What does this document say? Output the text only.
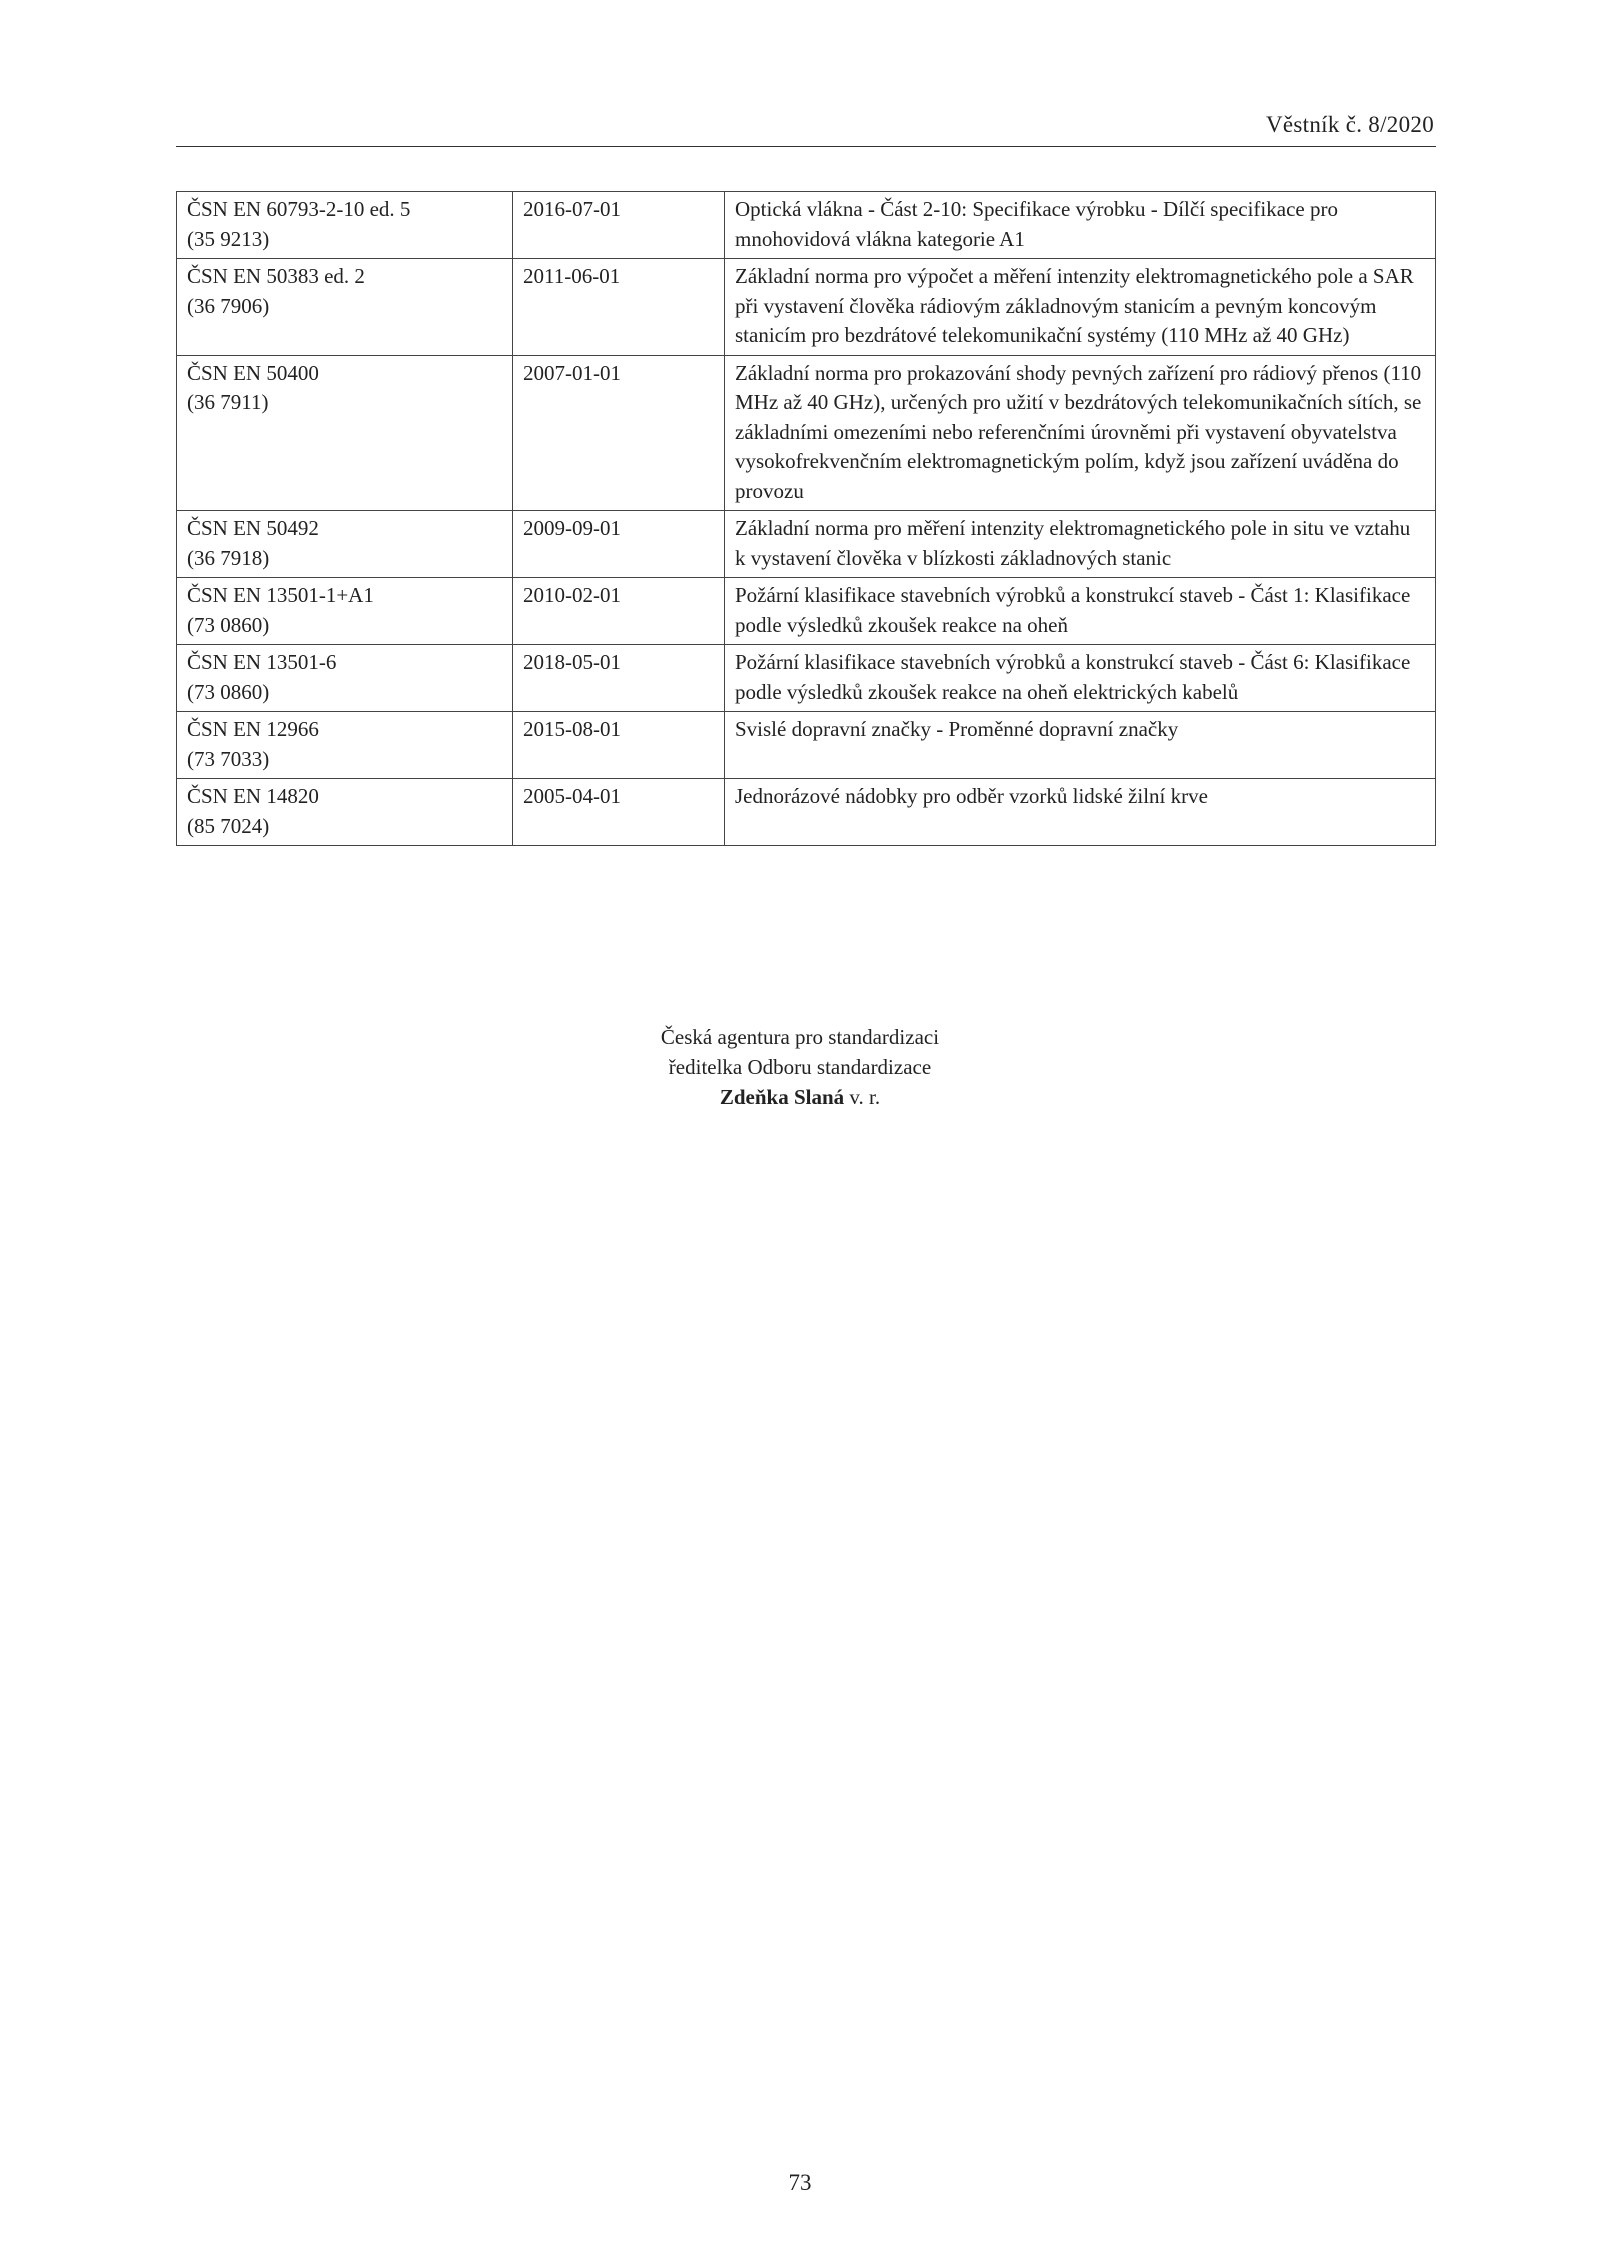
Věstník č. 8/2020
ČSN EN 60793-2-10 ed. 5
(35 9213)	2016-07-01	Optická vlákna - Část 2-10: Specifikace výrobku - Dílčí specifikace pro mnohovidová vlákna kategorie A1

ČSN EN 50383 ed. 2
(36 7906)	2011-06-01	Základní norma pro výpočet a měření intenzity elektromagnetického pole a SAR při vystavení člověka rádiovým základnovým stanicím a pevným koncovým stanicím pro bezdrátové telekomunikační systémy (110 MHz až 40 GHz)

ČSN EN 50400
(36 7911)	2007-01-01	Základní norma pro prokazování shody pevných zařízení pro rádiový přenos (110 MHz až 40 GHz), určených pro užití v bezdrátových telekomunikačních sítích, se základními omezeními nebo referenčními úrovněmi při vystavení obyvatelstva vysokofrekvenčním elektromagnetickým polím, když jsou zařízení uváděna do provozu

ČSN EN 50492
(36 7918)	2009-09-01	Základní norma pro měření intenzity elektromagnetického pole in situ ve vztahu k vystavení člověka v blízkosti základnových stanic

ČSN EN 13501-1+A1
(73 0860)	2010-02-01	Požární klasifikace stavebních výrobků a konstrukcí staveb - Část 1: Klasifikace podle výsledků zkoušek reakce na oheň

ČSN EN 13501-6
(73 0860)	2018-05-01	Požární klasifikace stavebních výrobků a konstrukcí staveb - Část 6: Klasifikace podle výsledků zkoušek reakce na oheň elektrických kabelů

ČSN EN 12966
(73 7033)	2015-08-01	Svislé dopravní značky - Proměnné dopravní značky

ČSN EN 14820
(85 7024)	2005-04-01	Jednorázové nádobky pro odběr vzorků lidské žilní krve
Česká agentura pro standardizaci
ředitelka Odboru standardizace
Zdeňka Slaná v. r.
73
